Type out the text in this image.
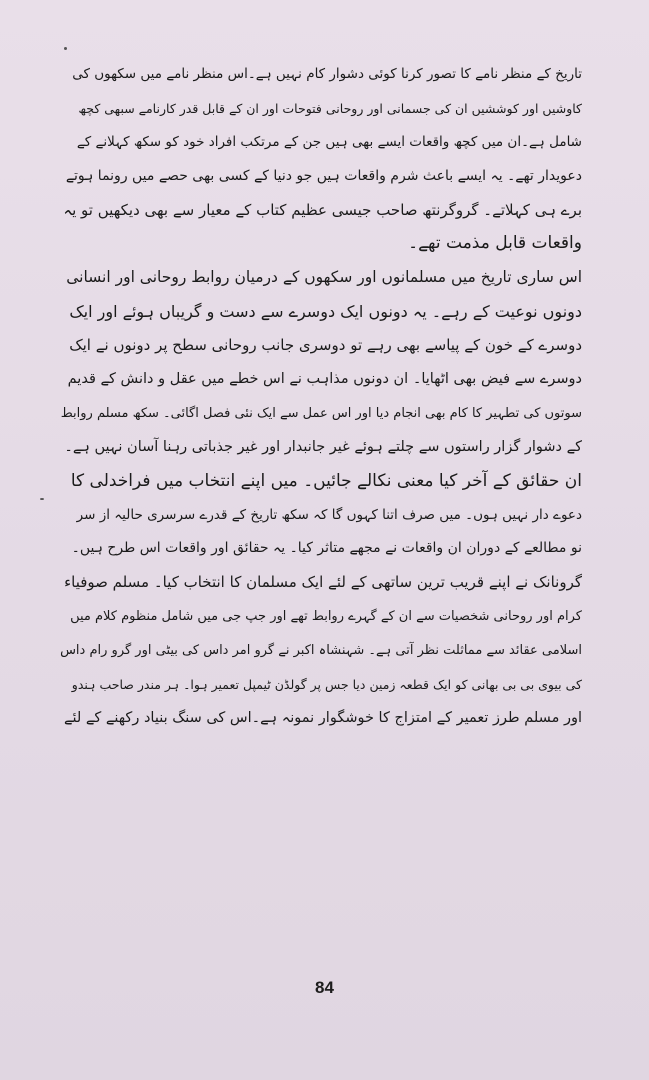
تاریخ کے منظر نامے کا تصور کرنا کوئی دشوار کام نہیں ہے۔اس منظر نامے میں سکھوں کی
کاوشیں اور کوششیں ان کی جسمانی اور روحانی فتوحات اور ان کے قابل قدر کارنامے سبھی کچھ
شامل ہے۔ان میں کچھ واقعات ایسے بھی ہیں جن کے مرتکب افراد خود کو سکھ کہلانے کے
دعویدار تھے۔ یہ ایسے باعث شرم واقعات ہیں جو دنیا کے کسی بھی حصے میں رونما ہوتے
برے ہی کہلاتے۔ گروگرنتھ صاحب جیسی عظیم کتاب کے معیار سے بھی دیکھیں تو یہ
واقعات قابل مذمت تھے۔
اس ساری تاریخ میں مسلمانوں اور سکھوں کے درمیان روابط روحانی اور انسانی
دونوں نوعیت کے رہے۔ یہ دونوں ایک دوسرے سے دست و گریباں ہوئے اور ایک
دوسرے کے خون کے پیاسے بھی رہے تو دوسری جانب روحانی سطح پر دونوں نے ایک
دوسرے سے فیض بھی اٹھایا۔ ان دونوں مذاہب نے اس خطے میں عقل و دانش کے قدیم
سوتوں کی تطہیر کا کام بھی انجام دیا اور اس عمل سے ایک نئی فصل اگائی۔ سکھ مسلم روابط
کے دشوار گزار راستوں سے چلتے ہوئے غیر جانبدار اور غیر جذباتی رہنا آسان نہیں ہے۔
ان حقائق کے آخر کیا معنی نکالے جائیں۔ میں اپنے انتخاب میں فراخدلی کا
دعوے دار نہیں ہوں۔ میں صرف اتنا کہوں گا کہ سکھ تاریخ کے قدرے سرسری حالیہ از سر
نو مطالعے کے دوران ان واقعات نے مجھے متاثر کیا۔ یہ حقائق اور واقعات اس طرح ہیں۔
گرونانک نے اپنے قریب ترین ساتھی کے لئے ایک مسلمان کا انتخاب کیا۔ مسلم صوفیاء
کرام اور روحانی شخصیات سے ان کے گہرے روابط تھے اور جپ جی میں شامل منظوم کلام میں
اسلامی عقائد سے مماثلت نظر آتی ہے۔ شہنشاہ اکبر نے گرو امر داس کی بیٹی اور گرو رام داس
کی بیوی بی بی بھانی کو ایک قطعہ زمین دیا جس پر گولڈن ٹیمپل تعمیر ہوا۔ ہر مندر صاحب ہندو
اور مسلم طرز تعمیر کے امتزاج کا خوشگوار نمونہ ہے۔اس کی سنگ بنیاد رکھنے کے لئے
84
